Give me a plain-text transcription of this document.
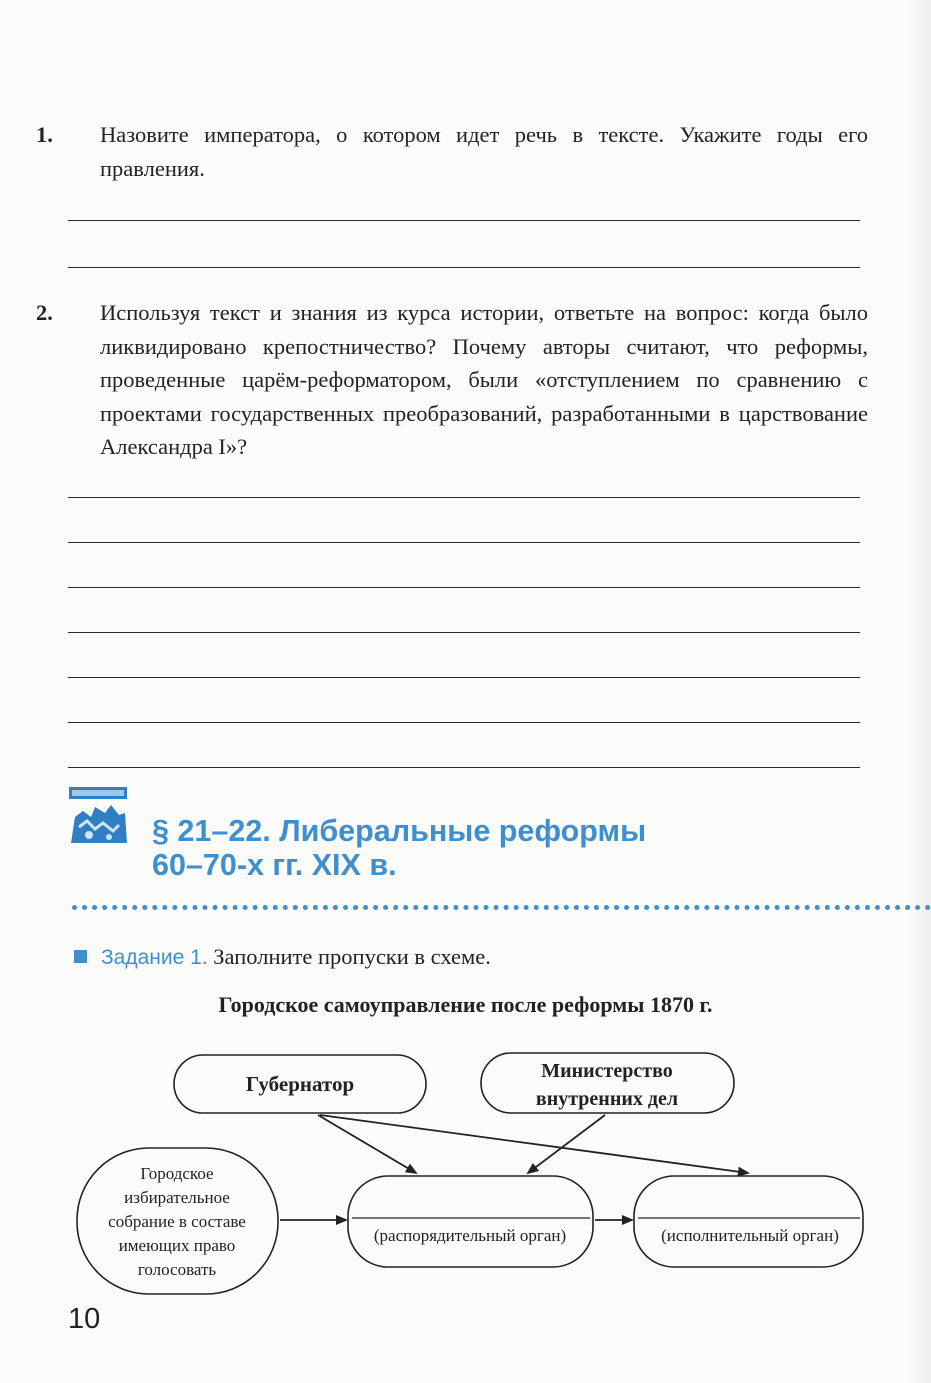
1. Назовите императора, о котором идет речь в тексте. Укажите годы его правления.
2. Используя текст и знания из курса истории, ответьте на вопрос: когда было ликвидировано крепостничество? Почему авторы считают, что реформы, проведенные царём-реформатором, были «отступлением по сравнению с проектами государственных преобразований, разработанными в царствование Александра I»?
§ 21–22. Либеральные реформы
60–70-х гг. XIX в.
Задание 1. Заполните пропуски в схеме.
Городское самоуправление после реформы 1870 г.
Губернатор
Министерство
внутренних дел
Городское
избирательное
собрание в составе
имеющих право
голосовать
(распорядительный орган)	(исполнительный орган)
10
